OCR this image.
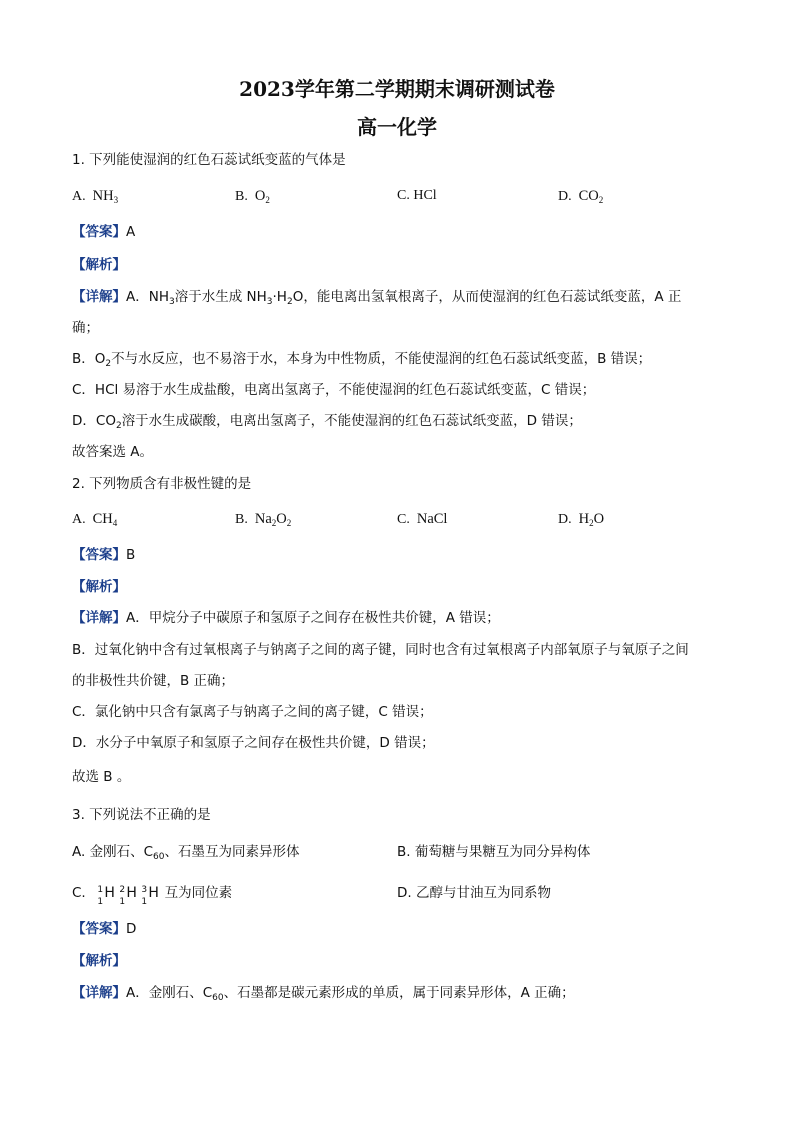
2023学年第二学期期末调研测试卷
高一化学
1. 下列能使湿润的红色石蕊试纸变蓝的气体是
A. $NH_3$	B. $O_2$	C. HCl	D. $CO_2$
【答案】A
【解析】
【详解】A．$NH_3$溶于水生成 $NH_3\cdot H_2O$，能电离出氢氧根离子，从而使湿润的红色石蕊试纸变蓝，A 正
确；
B．$O_2$不与水反应，也不易溶于水，本身为中性物质，不能使湿润的红色石蕊试纸变蓝，B 错误；
C．HCl 易溶于水生成盐酸，电离出氢离子，不能使湿润的红色石蕊试纸变蓝，C 错误；
D．$CO_2$溶于水生成碳酸，电离出氢离子，不能使湿润的红色石蕊试纸变蓝，D 错误；
故答案选 A。
2. 下列物质含有非极性键的是
A. $CH_4$	B. $Na_2O_2$	C. NaCl	D. $H_2O$
【答案】B
【解析】
【详解】A．甲烷分子中碳原子和氢原子之间存在极性共价键，A 错误；
B．过氧化钠中含有过氧根离子与钠离子之间的离子键，同时也含有过氧根离子内部氧原子与氧原子之间
的非极性共价键，B 正确；
C．氯化钠中只含有氯离子与钠离子之间的离子键，C 错误；
D．水分子中氧原子和氢原子之间存在极性共价键，D 错误；
故选 B 。
3. 下列说法不正确的是
A. 金刚石、$C_{60}$、石墨互为同素异形体	B. 葡萄糖与果糖互为同分异构体
C. 1
1
H 2
1
H 3
1
H 互为同位素	D. 乙醇与甘油互为同系物
【答案】D
【解析】
【详解】A．金刚石、$C_{60}$、石墨都是碳元素形成的单质，属于同素异形体，A 正确；
